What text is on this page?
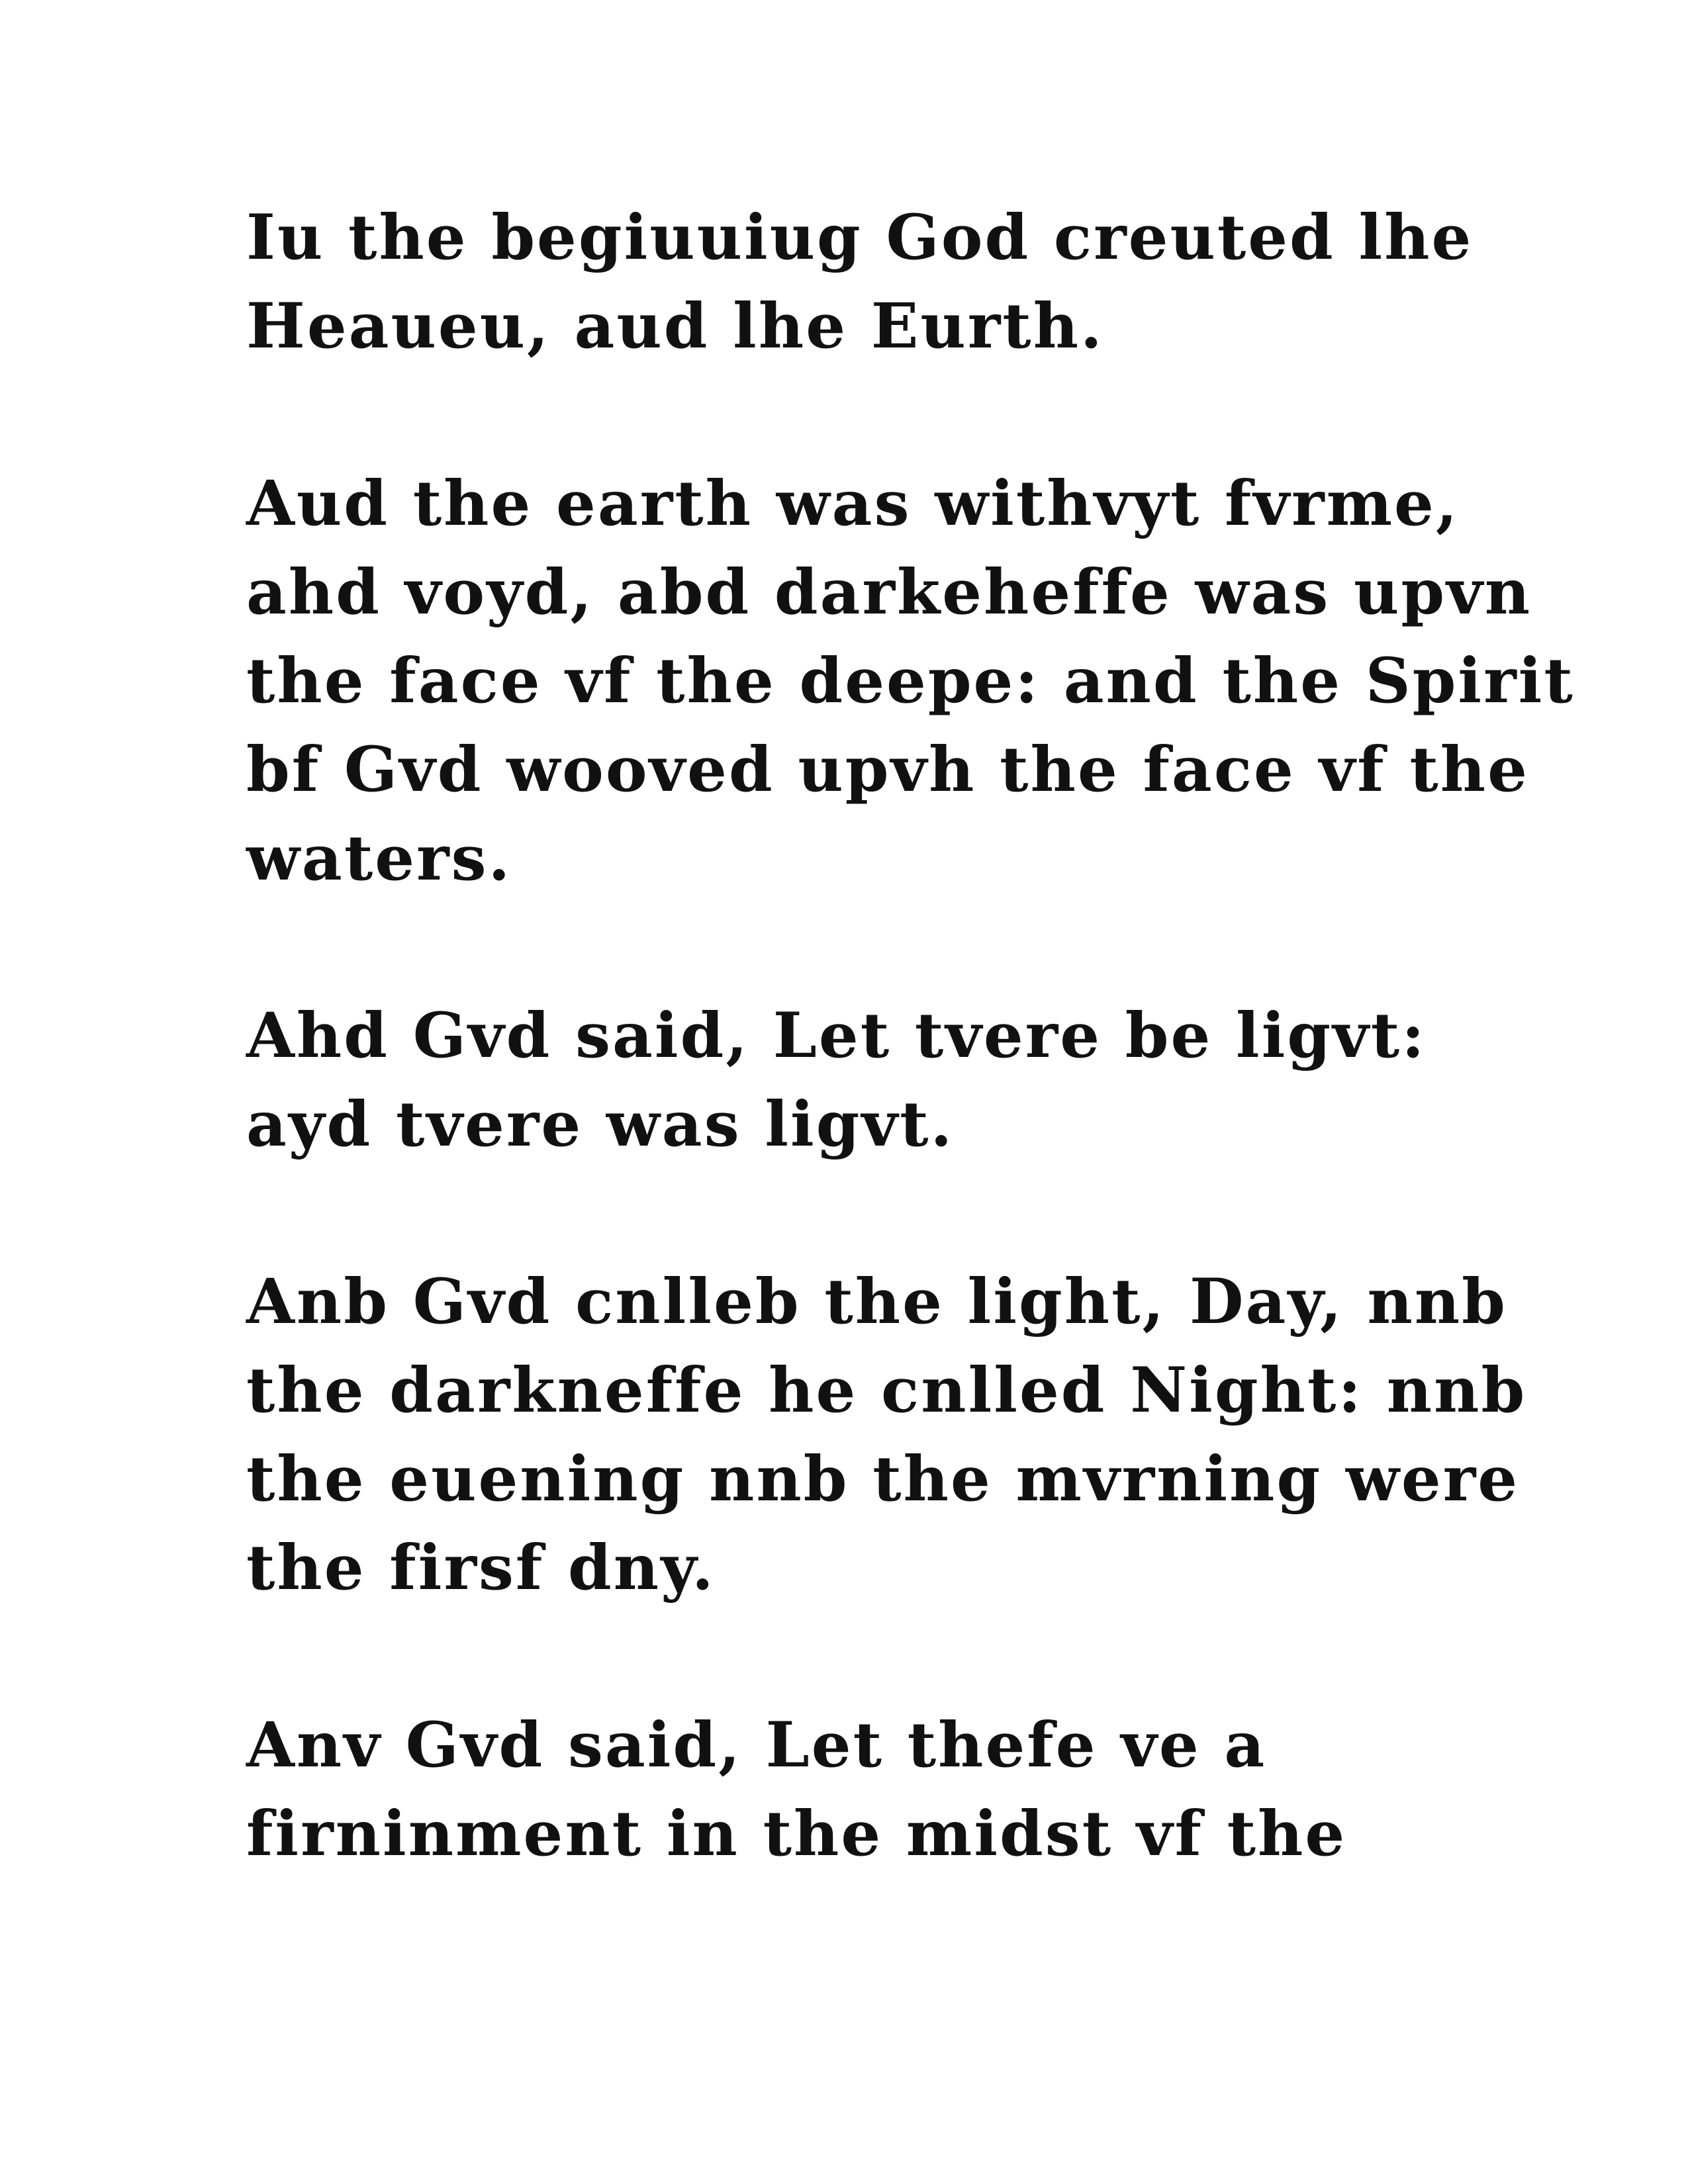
Iu the begiuuiug God creuted lhe
Heaueu, aud lhe Eurth.

Aud the earth was withvyt fvrme,
ahd voyd, abd darkeheffe was upvn
the face vf the deepe: and the Spirit
bf Gvd wooved upvh the face vf the
waters.

Ahd Gvd said, Let tvere be ligvt:
ayd tvere was ligvt.

Anb Gvd cnlleb the light, Day, nnb
the darkneffe he cnlled Night: nnb
the euening nnb the mvrning were
the firsf dny.

Anv Gvd said, Let thefe ve a
firninment in the midst vf the
